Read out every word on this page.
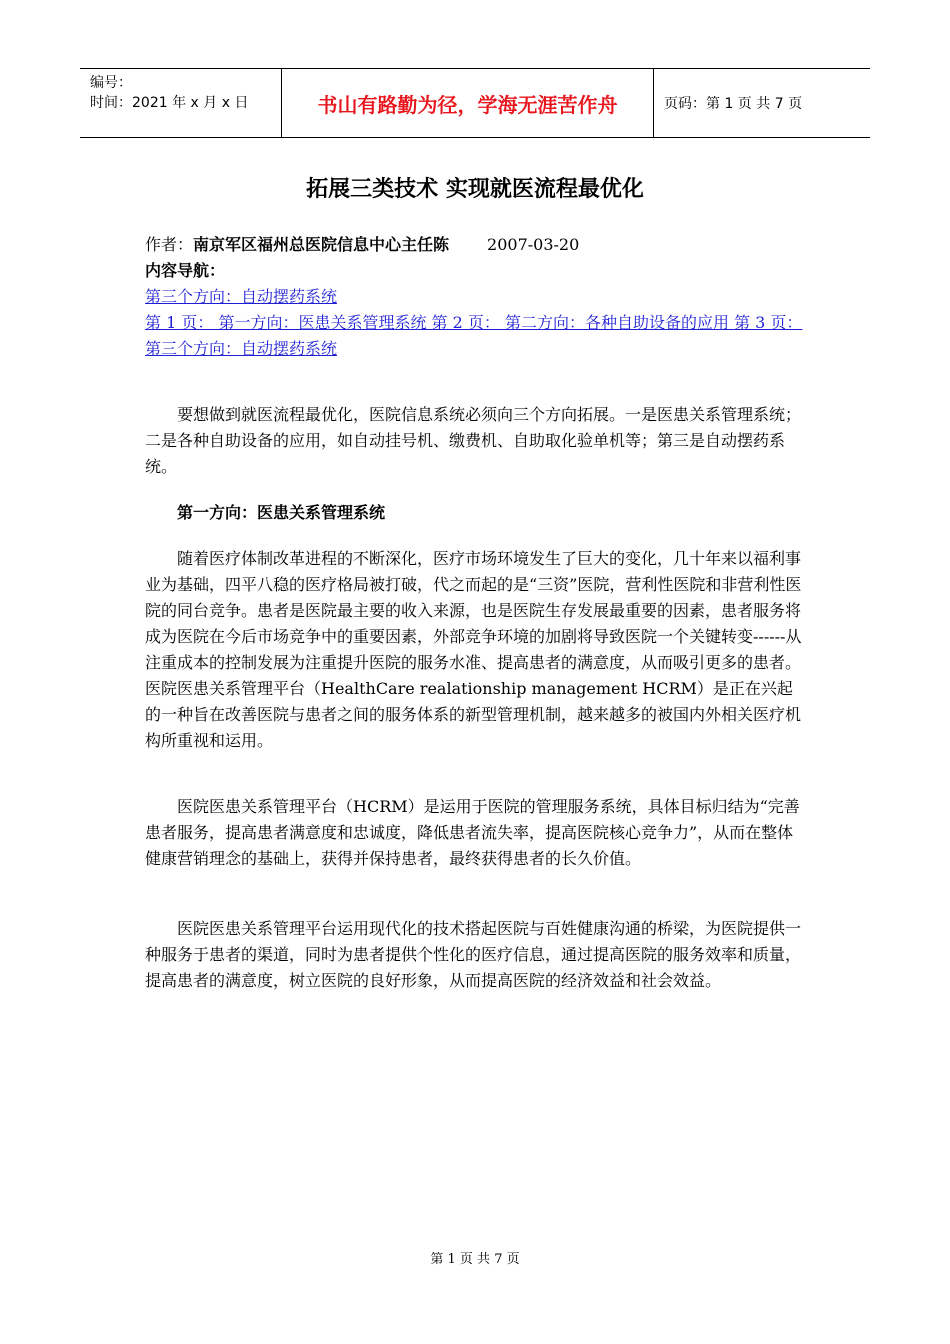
编号：
时间：2021 年 x 月 x 日	书山有路勤为径，学海无涯苦作舟	页码：第 1 页 共 7 页
拓展三类技术 实现就医流程最优化
作者：南京军区福州总医院信息中心主任陈 2007-03-20
内容导航：
第三个方向：自动摆药系统
第 1 页： 第一方向：医患关系管理系统 第 2 页： 第二方向：各种自助设备的应用 第 3 页： 第三个方向：自动摆药系统

要想做到就医流程最优化，医院信息系统必须向三个方向拓展。一是医患关系管理系统；二是各种自助设备的应用，如自动挂号机、缴费机、自助取化验单机等；第三是自动摆药系统。

第一方向：医患关系管理系统

随着医疗体制改革进程的不断深化，医疗市场环境发生了巨大的变化，几十年来以福利事业为基础，四平八稳的医疗格局被打破，代之而起的是“三资”医院，营利性医院和非营利性医院的同台竞争。患者是医院最主要的收入来源，也是医院生存发展最重要的因素，患者服务将成为医院在今后市场竞争中的重要因素，外部竞争环境的加剧将导致医院一个关键转变------从注重成本的控制发展为注重提升医院的服务水准、提高患者的满意度，从而吸引更多的患者。医院医患关系管理平台（HealthCare realationship management HCRM）是正在兴起的一种旨在改善医院与患者之间的服务体系的新型管理机制，越来越多的被国内外相关医疗机构所重视和运用。

医院医患关系管理平台（HCRM）是运用于医院的管理服务系统，具体目标归结为“完善患者服务，提高患者满意度和忠诚度，降低患者流失率，提高医院核心竞争力”，从而在整体健康营销理念的基础上，获得并保持患者，最终获得患者的长久价值。

医院医患关系管理平台运用现代化的技术搭起医院与百姓健康沟通的桥梁，为医院提供一种服务于患者的渠道，同时为患者提供个性化的医疗信息，通过提高医院的服务效率和质量，提高患者的满意度，树立医院的良好形象，从而提高医院的经济效益和社会效益。

第 1 页 共 7 页
